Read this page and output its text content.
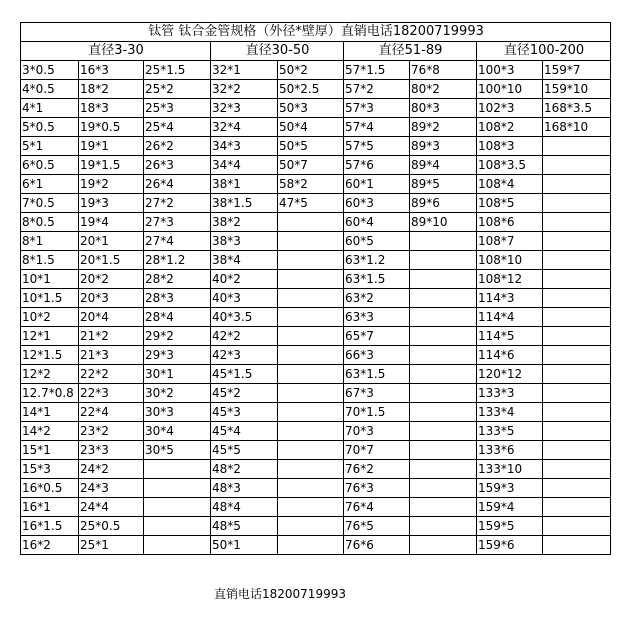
钛管 钛合金管规格（外径*壁厚）直销电话18200719993								
直径3-30			直径30-50		直径51-89		直径100-200	
3*0.5	16*3	25*1.5	32*1	50*2	57*1.5	76*8	100*3	159*7
4*0.5	18*2	25*2	32*2	50*2.5	57*2	80*2	100*10	159*10
4*1	18*3	25*3	32*3	50*3	57*3	80*3	102*3	168*3.5
5*0.5	19*0.5	25*4	32*4	50*4	57*4	89*2	108*2	168*10
5*1	19*1	26*2	34*3	50*5	57*5	89*3	108*3	
6*0.5	19*1.5	26*3	34*4	50*7	57*6	89*4	108*3.5	
6*1	19*2	26*4	38*1	58*2	60*1	89*5	108*4	
7*0.5	19*3	27*2	38*1.5	47*5	60*3	89*6	108*5	
8*0.5	19*4	27*3	38*2		60*4	89*10	108*6	
8*1	20*1	27*4	38*3		60*5		108*7	
8*1.5	20*1.5	28*1.2	38*4		63*1.2		108*10	
10*1	20*2	28*2	40*2		63*1.5		108*12	
10*1.5	20*3	28*3	40*3		63*2		114*3	
10*2	20*4	28*4	40*3.5		63*3		114*4	
12*1	21*2	29*2	42*2		65*7		114*5	
12*1.5	21*3	29*3	42*3		66*3		114*6	
12*2	22*2	30*1	45*1.5		63*1.5		120*12	
12.7*0.8	22*3	30*2	45*2		67*3		133*3	
14*1	22*4	30*3	45*3		70*1.5		133*4	
14*2	23*2	30*4	45*4		70*3		133*5	
15*1	23*3	30*5	45*5		70*7		133*6	
15*3	24*2		48*2		76*2		133*10	
16*0.5	24*3		48*3		76*3		159*3	
16*1	24*4		48*4		76*4		159*4	
16*1.5	25*0.5		48*5		76*5		159*5	
16*2	25*1		50*1		76*6		159*6	
直销电话18200719993
